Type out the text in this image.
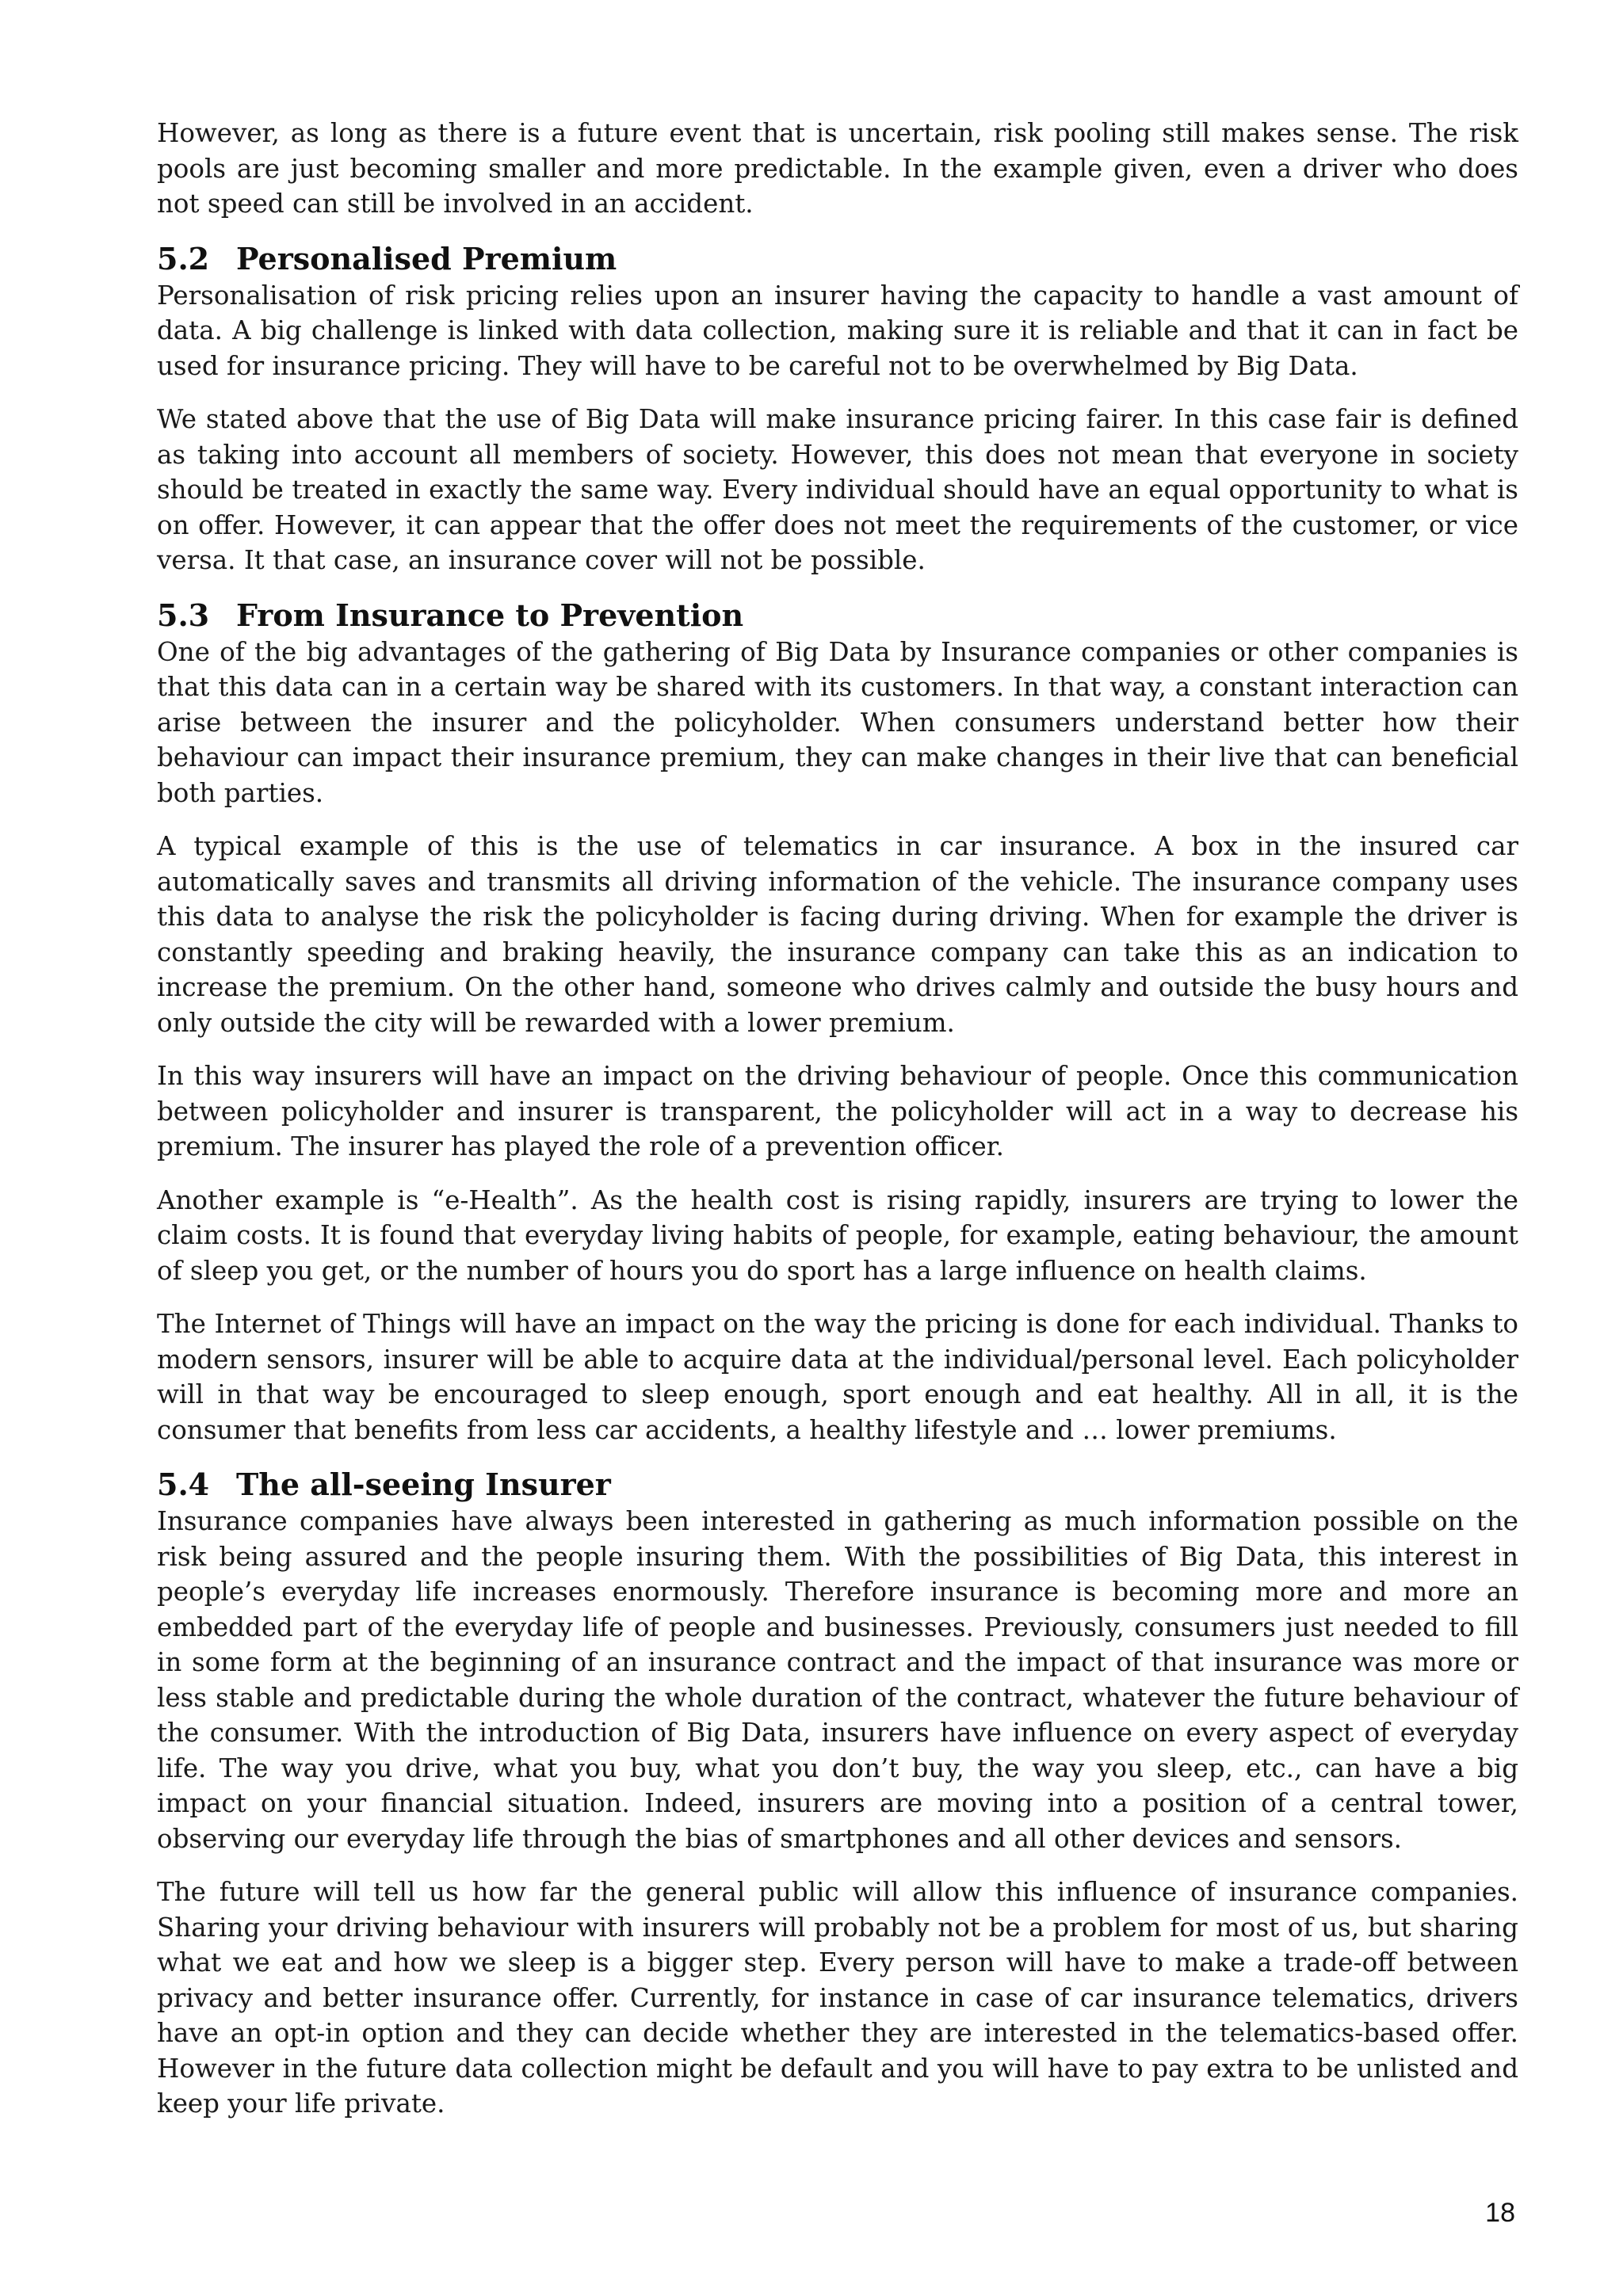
However, as long as there is a future event that is uncertain, risk pooling still makes sense. The risk pools are just becoming smaller and more predictable. In the example given, even a driver who does not speed can still be involved in an accident.

5.2 Personalised Premium

Personalisation of risk pricing relies upon an insurer having the capacity to handle a vast amount of data. A big challenge is linked with data collection, making sure it is reliable and that it can in fact be used for insurance pricing. They will have to be careful not to be overwhelmed by Big Data.

We stated above that the use of Big Data will make insurance pricing fairer. In this case fair is defined as taking into account all members of society. However, this does not mean that everyone in society should be treated in exactly the same way. Every individual should have an equal opportunity to what is on offer. However, it can appear that the offer does not meet the requirements of the customer, or vice versa. It that case, an insurance cover will not be possible.

5.3 From Insurance to Prevention

One of the big advantages of the gathering of Big Data by Insurance companies or other companies is that this data can in a certain way be shared with its customers. In that way, a constant interaction can arise between the insurer and the policyholder. When consumers understand better how their behaviour can impact their insurance premium, they can make changes in their live that can beneficial both parties.

A typical example of this is the use of telematics in car insurance. A box in the insured car automatically saves and transmits all driving information of the vehicle. The insurance company uses this data to analyse the risk the policyholder is facing during driving. When for example the driver is constantly speeding and braking heavily, the insurance company can take this as an indication to increase the premium. On the other hand, someone who drives calmly and outside the busy hours and only outside the city will be rewarded with a lower premium.

In this way insurers will have an impact on the driving behaviour of people. Once this communication between policyholder and insurer is transparent, the policyholder will act in a way to decrease his premium. The insurer has played the role of a prevention officer.

Another example is “e-Health”. As the health cost is rising rapidly, insurers are trying to lower the claim costs. It is found that everyday living habits of people, for example, eating behaviour, the amount of sleep you get, or the number of hours you do sport has a large influence on health claims.

The Internet of Things will have an impact on the way the pricing is done for each individual. Thanks to modern sensors, insurer will be able to acquire data at the individual/personal level. Each policyholder will in that way be encouraged to sleep enough, sport enough and eat healthy. All in all, it is the consumer that benefits from less car accidents, a healthy lifestyle and … lower premiums.

5.4 The all-seeing Insurer

Insurance companies have always been interested in gathering as much information possible on the risk being assured and the people insuring them. With the possibilities of Big Data, this interest in people’s everyday life increases enormously. Therefore insurance is becoming more and more an embedded part of the everyday life of people and businesses. Previously, consumers just needed to fill in some form at the beginning of an insurance contract and the impact of that insurance was more or less stable and predictable during the whole duration of the contract, whatever the future behaviour of the consumer. With the introduction of Big Data, insurers have influence on every aspect of everyday life. The way you drive, what you buy, what you don’t buy, the way you sleep, etc., can have a big impact on your financial situation. Indeed, insurers are moving into a position of a central tower, observing our everyday life through the bias of smartphones and all other devices and sensors.

The future will tell us how far the general public will allow this influence of insurance companies. Sharing your driving behaviour with insurers will probably not be a problem for most of us, but sharing what we eat and how we sleep is a bigger step. Every person will have to make a trade-off between privacy and better insurance offer. Currently, for instance in case of car insurance telematics, drivers have an opt-in option and they can decide whether they are interested in the telematics-based offer. However in the future data collection might be default and you will have to pay extra to be unlisted and keep your life private.

18
